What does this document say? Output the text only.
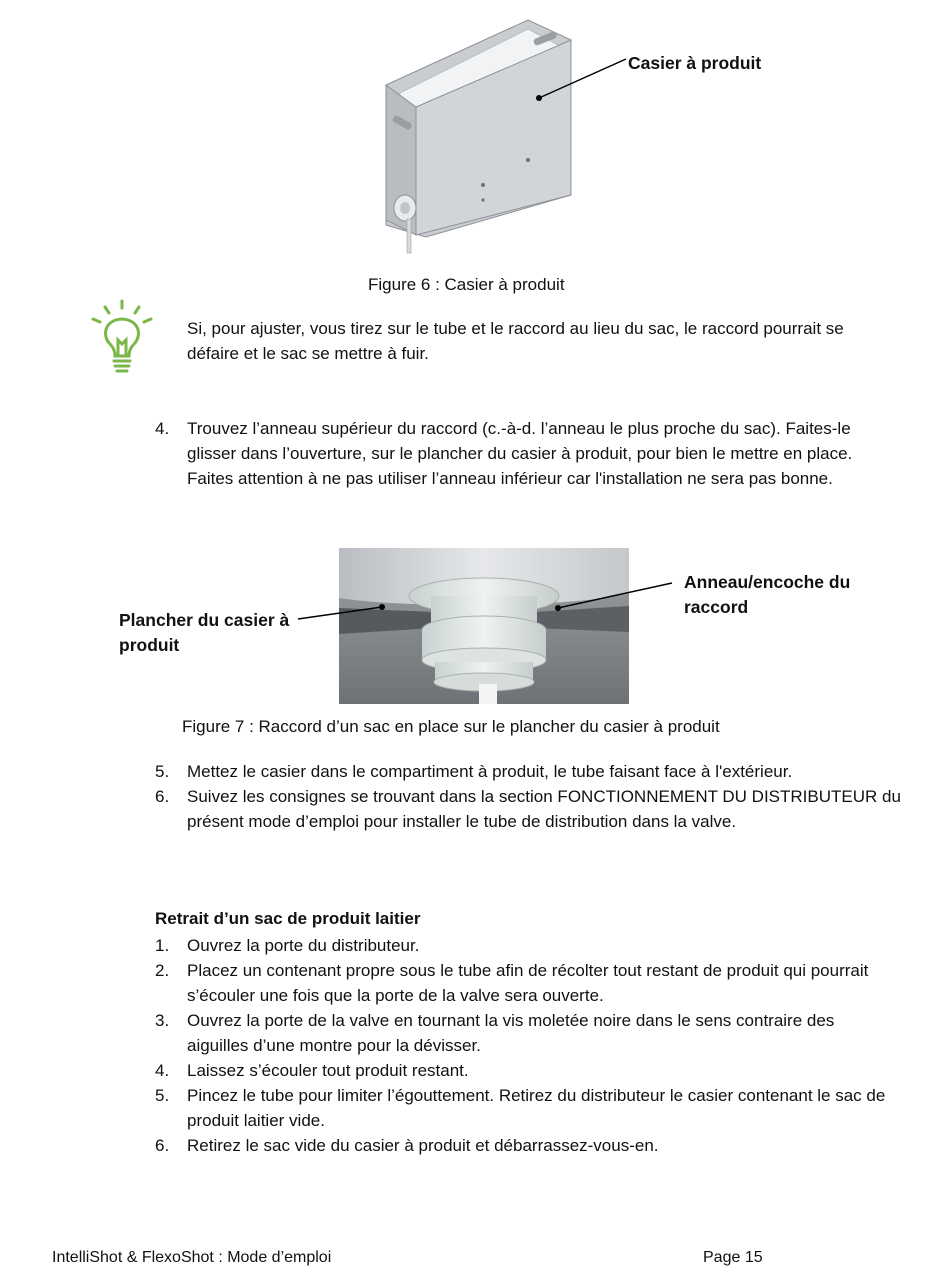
Casier à produit
Figure 6 : Casier à produit
Si, pour ajuster, vous tirez sur le tube et le raccord au lieu du sac, le raccord pourrait se défaire et le sac se mettre à fuir.
4. Trouvez l’anneau supérieur du raccord (c.-à-d. l’anneau le plus proche du sac). Faites-le glisser dans l’ouverture, sur le plancher du casier à produit, pour bien le mettre en place. Faites attention à ne pas utiliser l’anneau inférieur car l'installation ne sera pas bonne.
Plancher du casier à produit
Anneau/encoche du raccord
Figure 7 : Raccord d’un sac en place sur le plancher du casier à produit
5. Mettez le casier dans le compartiment à produit, le tube faisant face à l'extérieur.
6. Suivez les consignes se trouvant dans la section FONCTIONNEMENT DU DISTRIBUTEUR du présent mode d’emploi pour installer le tube de distribution dans la valve.
Retrait d’un sac de produit laitier
1. Ouvrez la porte du distributeur.
2. Placez un contenant propre sous le tube afin de récolter tout restant de produit qui pourrait s’écouler une fois que la porte de la valve sera ouverte.
3. Ouvrez la porte de la valve en tournant la vis moletée noire dans le sens contraire des aiguilles d’une montre pour la dévisser.
4. Laissez s’écouler tout produit restant.
5. Pincez le tube pour limiter l’égouttement. Retirez du distributeur le casier contenant le sac de produit laitier vide.
6. Retirez le sac vide du casier à produit et débarrassez-vous-en.
IntelliShot & FlexoShot : Mode d’emploi	Page 15
